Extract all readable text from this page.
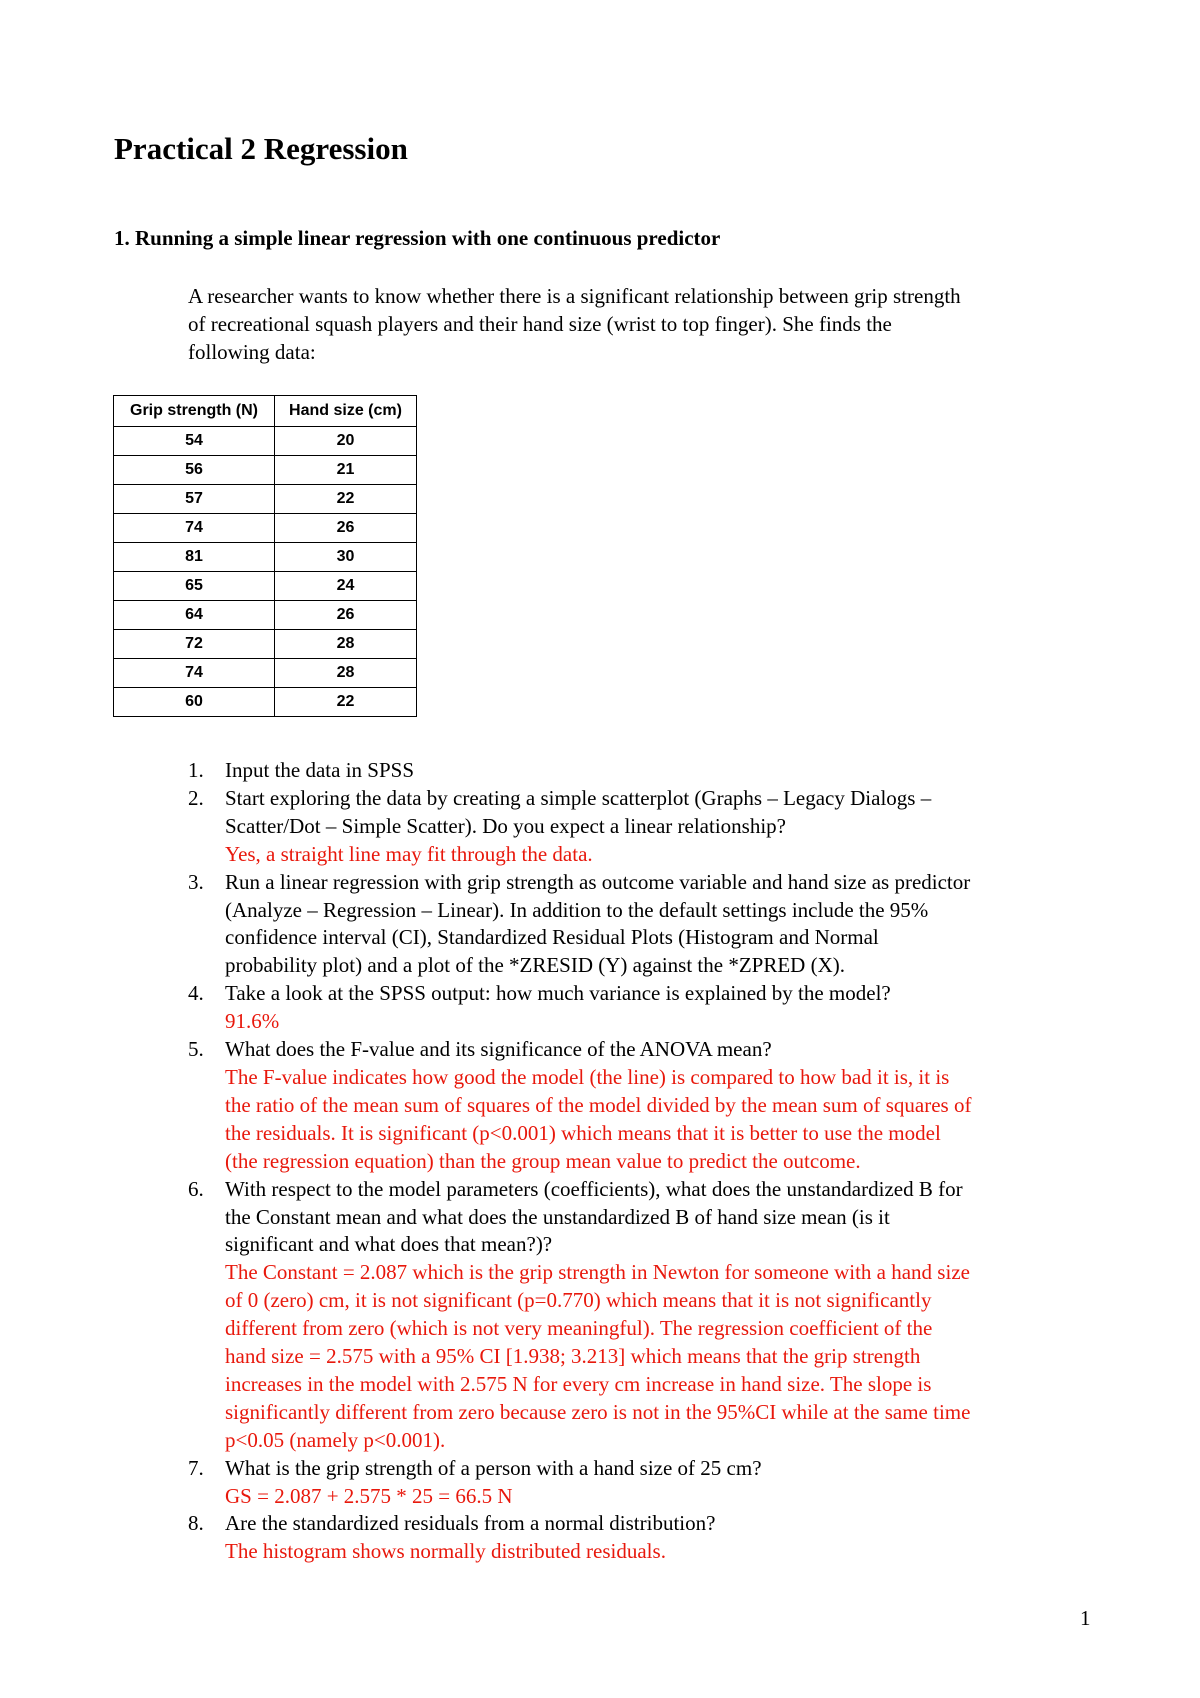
Practical 2 Regression
1. Running a simple linear regression with one continuous predictor

A researcher wants to know whether there is a significant relationship between grip strength
of recreational squash players and their hand size (wrist to top finger). She finds the
following data:

Grip strength (N)	Hand size (cm)
54	20
56	21
57	22
74	26
81	30
65	24
64	26
72	28
74	28
60	22
1. Input the data in SPSS
2. Start exploring the data by creating a simple scatterplot (Graphs – Legacy Dialogs –
Scatter/Dot – Simple Scatter). Do you expect a linear relationship?
Yes, a straight line may fit through the data.
3. Run a linear regression with grip strength as outcome variable and hand size as predictor
(Analyze – Regression – Linear). In addition to the default settings include the 95%
confidence interval (CI), Standardized Residual Plots (Histogram and Normal
probability plot) and a plot of the *ZRESID (Y) against the *ZPRED (X).
4. Take a look at the SPSS output: how much variance is explained by the model?
91.6%
5. What does the F-value and its significance of the ANOVA mean?
The F-value indicates how good the model (the line) is compared to how bad it is, it is
the ratio of the mean sum of squares of the model divided by the mean sum of squares of
the residuals. It is significant (p<0.001) which means that it is better to use the model
(the regression equation) than the group mean value to predict the outcome.
6. With respect to the model parameters (coefficients), what does the unstandardized B for
the Constant mean and what does the unstandardized B of hand size mean (is it
significant and what does that mean?)?
The Constant = 2.087 which is the grip strength in Newton for someone with a hand size
of 0 (zero) cm, it is not significant (p=0.770) which means that it is not significantly
different from zero (which is not very meaningful). The regression coefficient of the
hand size = 2.575 with a 95% CI [1.938; 3.213] which means that the grip strength
increases in the model with 2.575 N for every cm increase in hand size. The slope is
significantly different from zero because zero is not in the 95%CI while at the same time
p<0.05 (namely p<0.001).
7. What is the grip strength of a person with a hand size of 25 cm?
GS = 2.087 + 2.575 * 25 = 66.5 N
8. Are the standardized residuals from a normal distribution?
The histogram shows normally distributed residuals.

1
